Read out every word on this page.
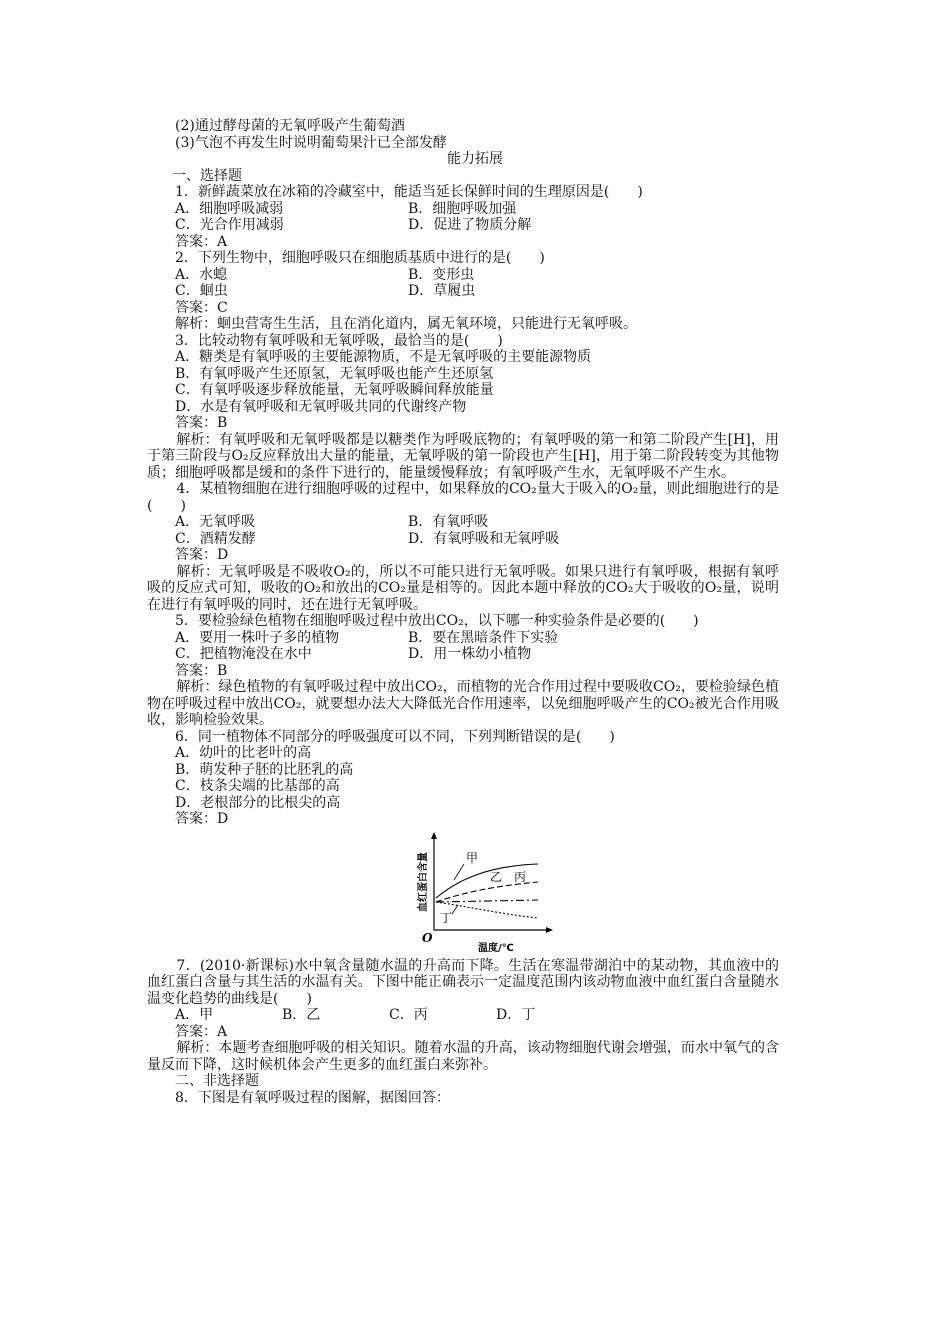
(2)通过酵母菌的无氧呼吸产生葡萄酒
(3)气泡不再发生时说明葡萄果汁已全部发酵
能力拓展
一、选择题
1．新鲜蔬菜放在冰箱的冷藏室中，能适当延长保鲜时间的生理原因是(　　)
A．细胞呼吸减弱	B．细胞呼吸加强
C．光合作用减弱	D．促进了物质分解
答案：A
2．下列生物中，细胞呼吸只在细胞质基质中进行的是(　　)
A．水螅	B．变形虫
C．蛔虫	D．草履虫
答案：C
解析：蛔虫营寄生生活，且在消化道内，属无氧环境，只能进行无氧呼吸。
3．比较动物有氧呼吸和无氧呼吸，最恰当的是(　　)
A．糖类是有氧呼吸的主要能源物质，不是无氧呼吸的主要能源物质
B．有氧呼吸产生还原氢，无氧呼吸也能产生还原氢
C．有氧呼吸逐步释放能量，无氧呼吸瞬间释放能量
D．水是有氧呼吸和无氧呼吸共同的代谢终产物
答案：B
解析：有氧呼吸和无氧呼吸都是以糖类作为呼吸底物的；有氧呼吸的第一和第二阶段产生[H]，用于第三阶段与O₂反应释放出大量的能量，无氧呼吸的第一阶段也产生[H]，用于第二阶段转变为其他物质；细胞呼吸都是缓和的条件下进行的，能量缓慢释放；有氧呼吸产生水，无氧呼吸不产生水。
4．某植物细胞在进行细胞呼吸的过程中，如果释放的CO₂量大于吸入的O₂量，则此细胞进行的是(　　)
A．无氧呼吸	B．有氧呼吸
C．酒精发酵	D．有氧呼吸和无氧呼吸
答案：D
解析：无氧呼吸是不吸收O₂的，所以不可能只进行无氧呼吸。如果只进行有氧呼吸，根据有氧呼吸的反应式可知，吸收的O₂和放出的CO₂量是相等的。因此本题中释放的CO₂大于吸收的O₂量，说明在进行有氧呼吸的同时，还在进行无氧呼吸。
5．要检验绿色植物在细胞呼吸过程中放出CO₂，以下哪一种实验条件是必要的(　　)
A．要用一株叶子多的植物	B．要在黑暗条件下实验
C．把植物淹没在水中	D．用一株幼小植物
答案：B
解析：绿色植物的有氧呼吸过程中放出CO₂，而植物的光合作用过程中要吸收CO₂，要检验绿色植物在呼吸过程中放出CO₂，就要想办法大大降低光合作用速率，以免细胞呼吸产生的CO₂被光合作用吸收，影响检验效果。
6．同一植物体不同部分的呼吸强度可以不同，下列判断错误的是(　　)
A．幼叶的比老叶的高
B．萌发种子胚的比胚乳的高
C．枝条尖端的比基部的高
D．老根部分的比根尖的高
答案：D
甲
乙 丙
丁
O
温度/℃
血红蛋白含量
7．(2010·新课标)水中氧含量随水温的升高而下降。生活在寒温带湖泊中的某动物，其血液中的血红蛋白含量与其生活的水温有关。下图中能正确表示一定温度范围内该动物血液中血红蛋白含量随水温变化趋势的曲线是(　　)
A．甲	B．乙	C．丙	D．丁
答案：A
解析：本题考查细胞呼吸的相关知识。随着水温的升高，该动物细胞代谢会增强，而水中氧气的含量反而下降，这时候机体会产生更多的血红蛋白来弥补。
二、非选择题
8．下图是有氧呼吸过程的图解，据图回答：
